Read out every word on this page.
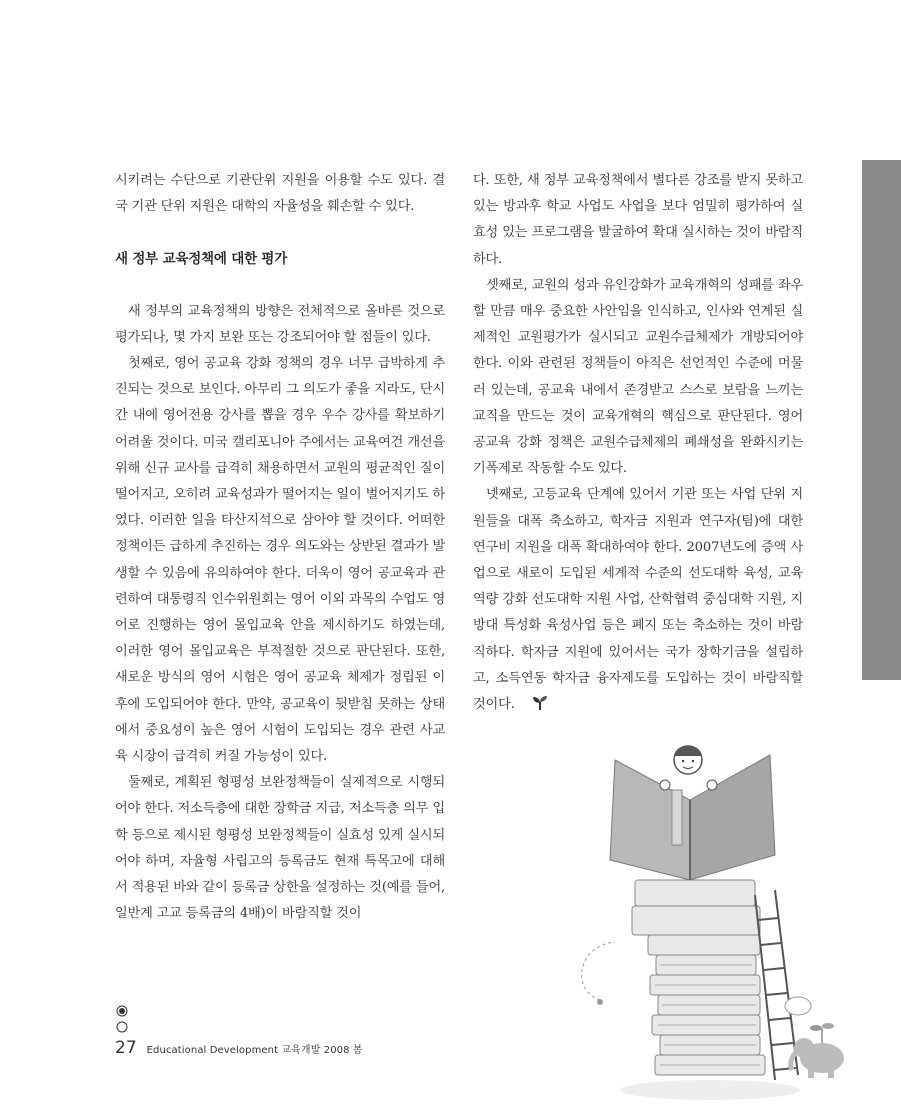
시키려는 수단으로 기관단위 지원을 이용할 수도 있다. 결국 기관 단위 지원은 대학의 자율성을 훼손할 수 있다.

새 정부 교육정책에 대한 평가

새 정부의 교육정책의 방향은 전체적으로 올바른 것으로 평가되나, 몇 가지 보완 또는 강조되어야 할 점들이 있다.

첫째로, 영어 공교육 강화 정책의 경우 너무 급박하게 추진되는 것으로 보인다. 아무리 그 의도가 좋을 지라도, 단시간 내에 영어전용 강사를 뽑을 경우 우수 강사를 확보하기 어려울 것이다. 미국 캘리포니아 주에서는 교육여건 개선을 위해 신규 교사를 급격히 채용하면서 교원의 평균적인 질이 떨어지고, 오히려 교육성과가 떨어지는 일이 벌어지기도 하였다. 이러한 일을 타산지석으로 삼아야 할 것이다. 어떠한 정책이든 급하게 추진하는 경우 의도와는 상반된 결과가 발생할 수 있음에 유의하여야 한다. 더욱이 영어 공교육과 관련하여 대통령직 인수위원회는 영어 이외 과목의 수업도 영어로 진행하는 영어 몰입교육 안을 제시하기도 하였는데, 이러한 영어 몰입교육은 부적절한 것으로 판단된다. 또한, 새로운 방식의 영어 시험은 영어 공교육 체제가 정립된 이후에 도입되어야 한다. 만약, 공교육이 뒷받침 못하는 상태에서 중요성이 높은 영어 시험이 도입되는 경우 관련 사교육 시장이 급격히 커질 가능성이 있다.

둘째로, 계획된 형평성 보완정책들이 실제적으로 시행되어야 한다. 저소득층에 대한 장학금 지급, 저소득층 의무 입학 등으로 제시된 형평성 보완정책들이 실효성 있게 실시되어야 하며, 자율형 사립고의 등록금도 현재 특목고에 대해서 적용된 바와 같이 등록금 상한을 설정하는 것(예를 들어, 일반계 고교 등록금의 4배)이 바람직할 것이

다. 또한, 새 정부 교육정책에서 별다른 강조를 받지 못하고 있는 방과후 학교 사업도 사업을 보다 엄밀히 평가하여 실효성 있는 프로그램을 발굴하여 확대 실시하는 것이 바람직하다.

셋째로, 교원의 성과 유인강화가 교육개혁의 성패를 좌우할 만큼 매우 중요한 사안임을 인식하고, 인사와 연계된 실제적인 교원평가가 실시되고 교원수급체제가 개방되어야 한다. 이와 관련된 정책들이 아직은 선언적인 수준에 머물러 있는데, 공교육 내에서 존경받고 스스로 보람을 느끼는 교직을 만드는 것이 교육개혁의 핵심으로 판단된다. 영어 공교육 강화 정책은 교원수급체제의 폐쇄성을 완화시키는 기폭제로 작동할 수도 있다.

넷째로, 고등교육 단계에 있어서 기관 또는 사업 단위 지원들을 대폭 축소하고, 학자금 지원과 연구자(팀)에 대한 연구비 지원을 대폭 확대하여야 한다. 2007년도에 증액 사업으로 새로이 도입된 세계적 수준의 선도대학 육성, 교육역량 강화 선도대학 지원 사업, 산학협력 중심대학 지원, 지방대 특성화 육성사업 등은 폐지 또는 축소하는 것이 바람직하다. 학자금 지원에 있어서는 국가 장학기금을 설립하고, 소득연동 학자금 융자제도를 도입하는 것이 바람직할 것이다.

27 Educational Development 교육개발 2008 봄
